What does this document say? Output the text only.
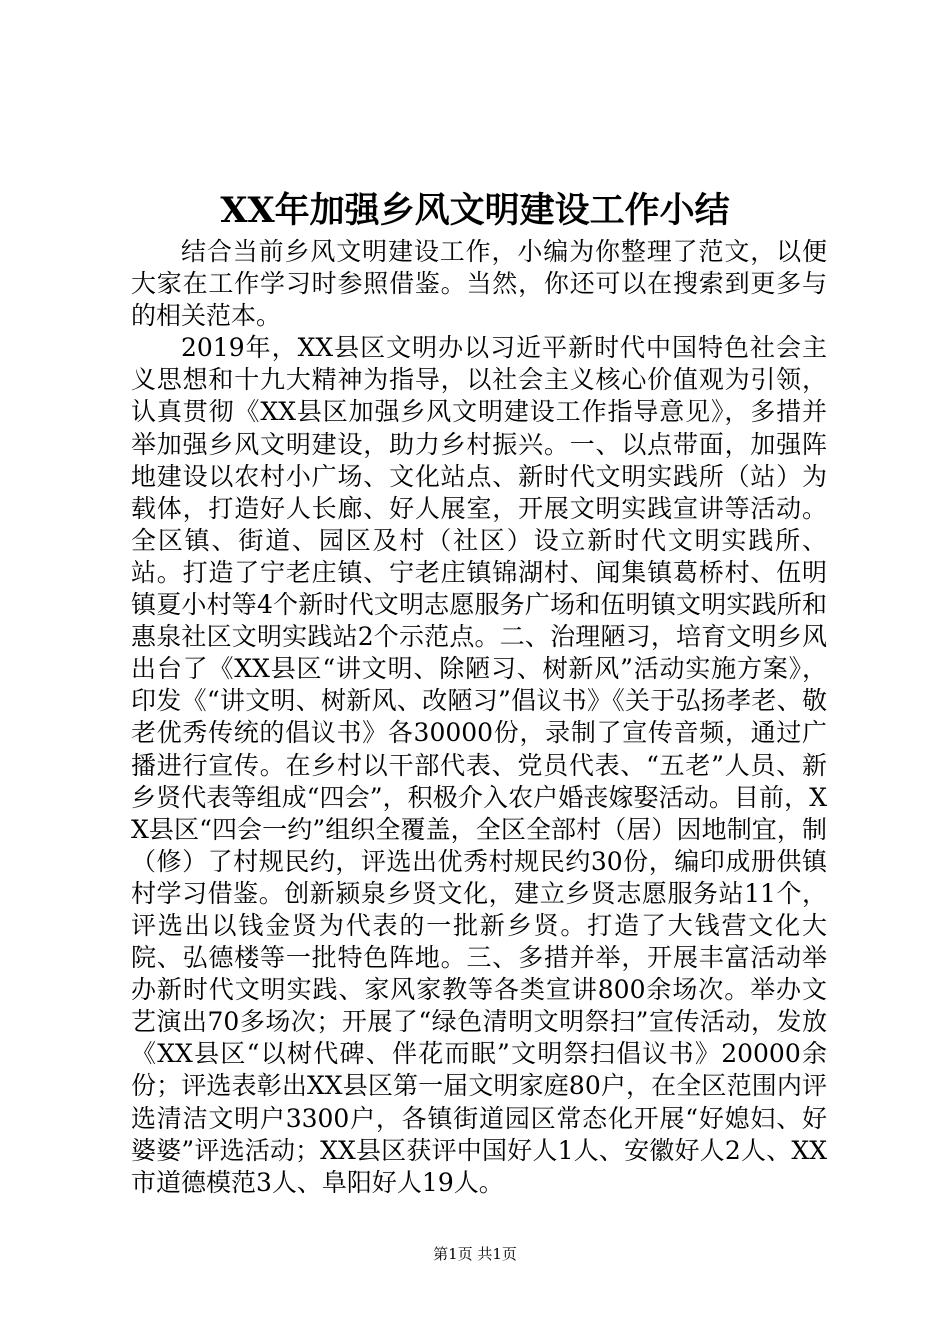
XX年加强乡风文明建设工作小结

结合当前乡风文明建设工作，小编为你整理了范文，以便大家在工作学习时参照借鉴。当然，你还可以在搜索到更多与的相关范本。

2019年，XX县区文明办以习近平新时代中国特色社会主义思想和十九大精神为指导，以社会主义核心价值观为引领，认真贯彻《XX县区加强乡风文明建设工作指导意见》，多措并举加强乡风文明建设，助力乡村振兴。一、以点带面，加强阵地建设以农村小广场、文化站点、新时代文明实践所（站）为载体，打造好人长廊、好人展室，开展文明实践宣讲等活动。全区镇、街道、园区及村（社区）设立新时代文明实践所、站。打造了宁老庄镇、宁老庄镇锦湖村、闻集镇葛桥村、伍明镇夏小村等4个新时代文明志愿服务广场和伍明镇文明实践所和惠泉社区文明实践站2个示范点。二、治理陋习，培育文明乡风出台了《XX县区“讲文明、除陋习、树新风”活动实施方案》，印发《“讲文明、树新风、改陋习”倡议书》《关于弘扬孝老、敬老优秀传统的倡议书》各30000份，录制了宣传音频，通过广播进行宣传。在乡村以干部代表、党员代表、“五老”人员、新乡贤代表等组成“四会”，积极介入农户婚丧嫁娶活动。目前，XX县区“四会一约”组织全覆盖，全区全部村（居）因地制宜，制（修）了村规民约，评选出优秀村规民约30份，编印成册供镇村学习借鉴。创新颍泉乡贤文化，建立乡贤志愿服务站11个，评选出以钱金贤为代表的一批新乡贤。打造了大钱营文化大院、弘德楼等一批特色阵地。三、多措并举，开展丰富活动举办新时代文明实践、家风家教等各类宣讲800余场次。举办文艺演出70多场次；开展了“绿色清明文明祭扫”宣传活动，发放《XX县区“以树代碑、伴花而眠”文明祭扫倡议书》20000余份；评选表彰出XX县区第一届文明家庭80户，在全区范围内评选清洁文明户3300户，各镇街道园区常态化开展“好媳妇、好婆婆”评选活动；XX县区获评中国好人1人、安徽好人2人、XX市道德模范3人、阜阳好人19人。

第1页 共1页
